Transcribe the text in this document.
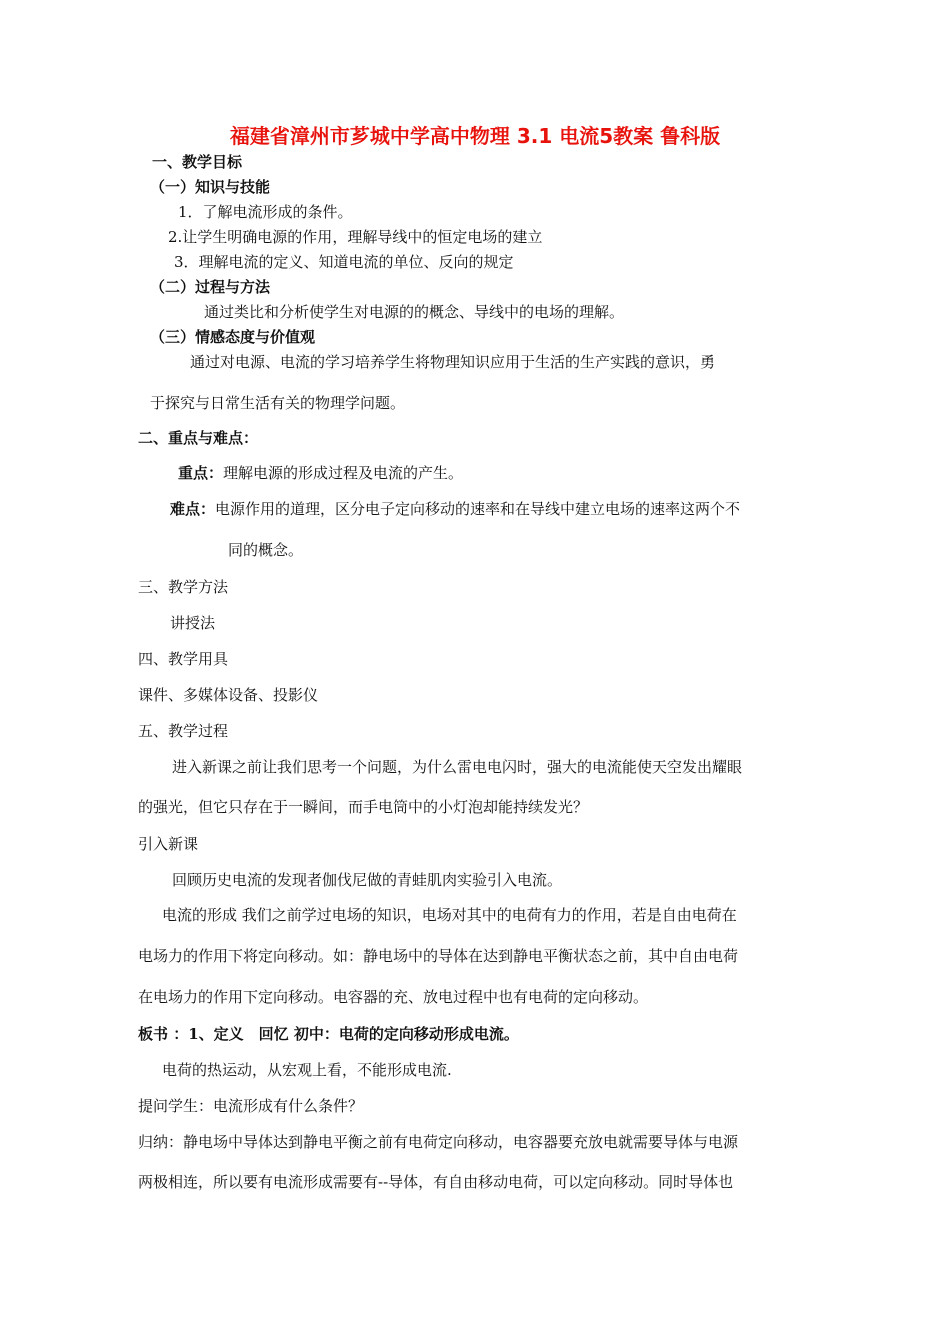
福建省漳州市芗城中学高中物理 3.1 电流5教案 鲁科版
一、教学目标
（一）知识与技能
1．了解电流形成的条件。
2.让学生明确电源的作用，理解导线中的恒定电场的建立
3．理解电流的定义、知道电流的单位、反向的规定
（二）过程与方法
通过类比和分析使学生对电源的的概念、导线中的电场的理解。
（三）情感态度与价值观
通过对电源、电流的学习培养学生将物理知识应用于生活的生产实践的意识，勇
于探究与日常生活有关的物理学问题。
二、重点与难点：
重点：理解电源的形成过程及电流的产生。
难点：电源作用的道理，区分电子定向移动的速率和在导线中建立电场的速率这两个不
同的概念。
三、教学方法
讲授法
四、教学用具
课件、多媒体设备、投影仪
五、教学过程
进入新课之前让我们思考一个问题，为什么雷电电闪时，强大的电流能使天空发出耀眼
的强光，但它只存在于一瞬间，而手电筒中的小灯泡却能持续发光？
引入新课
回顾历史电流的发现者伽伐尼做的青蛙肌肉实验引入电流。
电流的形成 我们之前学过电场的知识，电场对其中的电荷有力的作用，若是自由电荷在
电场力的作用下将定向移动。如：静电场中的导体在达到静电平衡状态之前，其中自由电荷
在电场力的作用下定向移动。电容器的充、放电过程中也有电荷的定向移动。
板书 ：1、定义　回忆 初中：电荷的定向移动形成电流。
电荷的热运动，从宏观上看，不能形成电流.
提问学生：电流形成有什么条件？
归纳：静电场中导体达到静电平衡之前有电荷定向移动，电容器要充放电就需要导体与电源
两极相连，所以要有电流形成需要有--导体，有自由移动电荷，可以定向移动。同时导体也
